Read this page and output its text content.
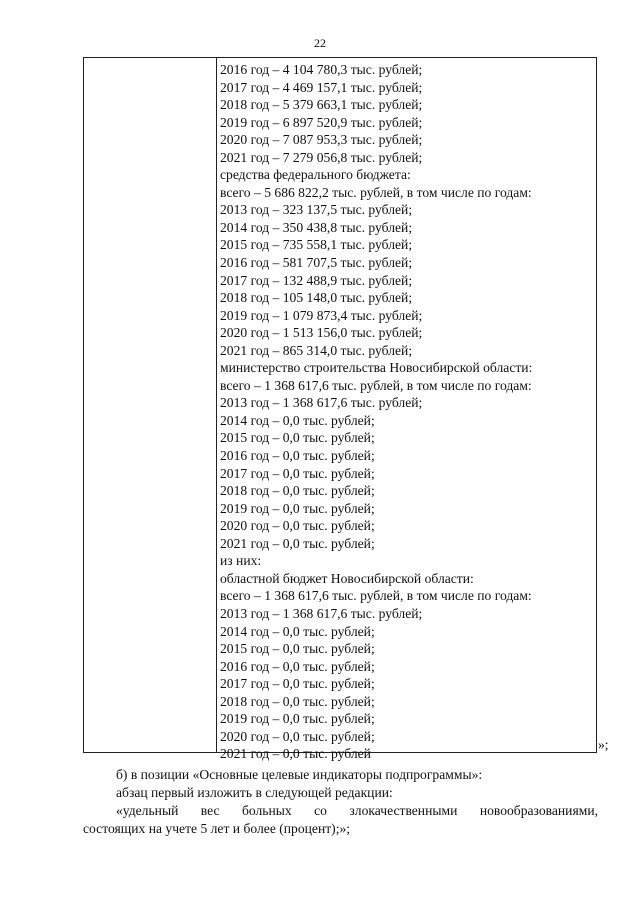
22
2016 год – 4 104 780,3 тыс. рублей;
2017 год – 4 469 157,1 тыс. рублей;
2018 год – 5 379 663,1 тыс. рублей;
2019 год – 6 897 520,9 тыс. рублей;
2020 год – 7 087 953,3 тыс. рублей;
2021 год – 7 279 056,8 тыс. рублей;
средства федерального бюджета:
всего – 5 686 822,2 тыс. рублей, в том числе по годам:
2013 год – 323 137,5 тыс. рублей;
2014 год – 350 438,8 тыс. рублей;
2015 год – 735 558,1 тыс. рублей;
2016 год – 581 707,5 тыс. рублей;
2017 год – 132 488,9 тыс. рублей;
2018 год – 105 148,0 тыс. рублей;
2019 год – 1 079 873,4 тыс. рублей;
2020 год – 1 513 156,0 тыс. рублей;
2021 год – 865 314,0 тыс. рублей;
министерство строительства Новосибирской области:
всего – 1 368 617,6 тыс. рублей, в том числе по годам:
2013 год – 1 368 617,6 тыс. рублей;
2014 год – 0,0 тыс. рублей;
2015 год – 0,0 тыс. рублей;
2016 год – 0,0 тыс. рублей;
2017 год – 0,0 тыс. рублей;
2018 год – 0,0 тыс. рублей;
2019 год – 0,0 тыс. рублей;
2020 год – 0,0 тыс. рублей;
2021 год – 0,0 тыс. рублей;
из них:
областной бюджет Новосибирской области:
всего – 1 368 617,6 тыс. рублей, в том числе по годам:
2013 год – 1 368 617,6 тыс. рублей;
2014 год – 0,0 тыс. рублей;
2015 год – 0,0 тыс. рублей;
2016 год – 0,0 тыс. рублей;
2017 год – 0,0 тыс. рублей;
2018 год – 0,0 тыс. рублей;
2019 год – 0,0 тыс. рублей;
2020 год – 0,0 тыс. рублей;
2021 год – 0,0 тыс. рублей
»;
б) в позиции «Основные целевые индикаторы подпрограммы»:
абзац первый изложить в следующей редакции:
«удельный вес больных со злокачественными новообразованиями,
состоящих на учете 5 лет и более (процент);»;
